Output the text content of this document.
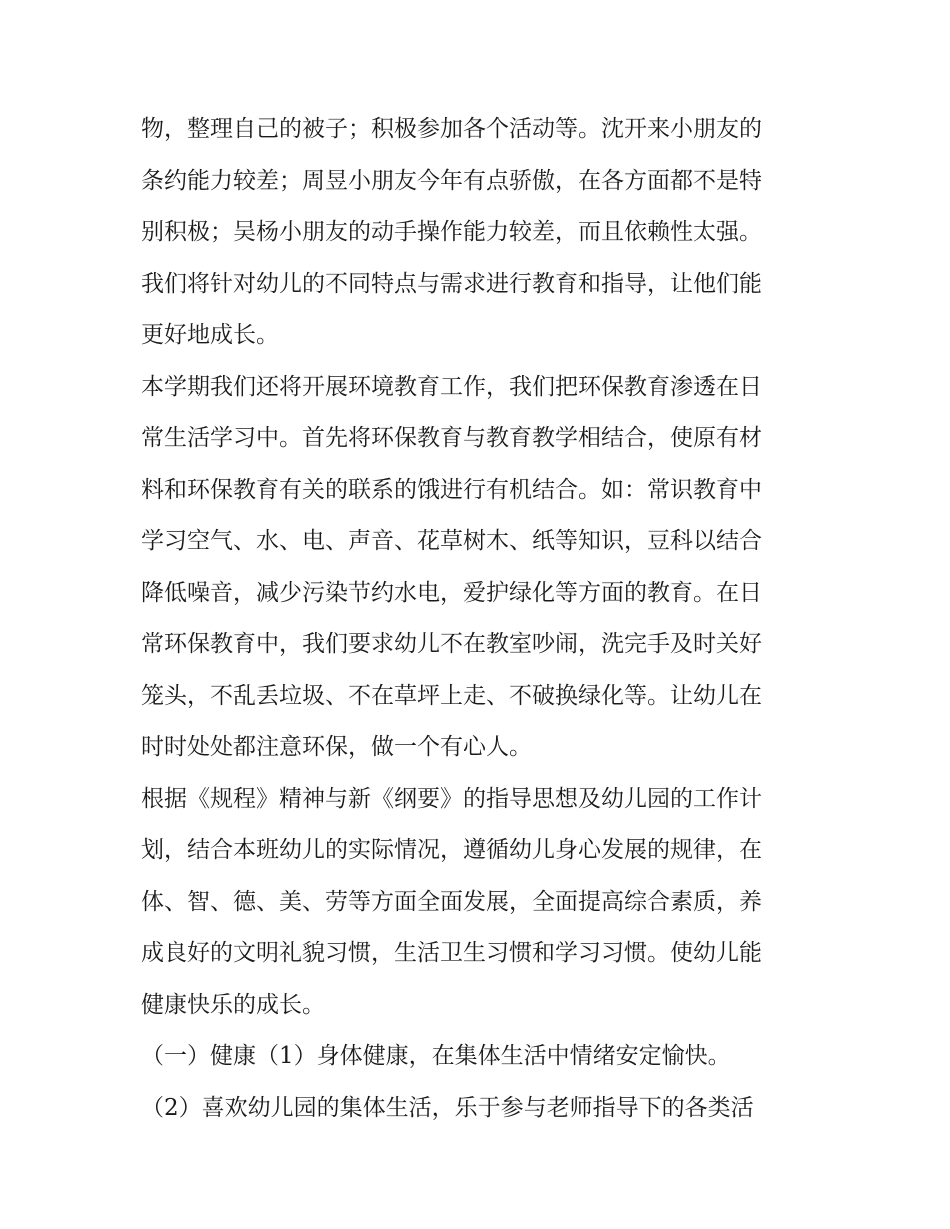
物，整理自己的被子；积极参加各个活动等。沈开来小朋友的
条约能力较差；周昱小朋友今年有点骄傲，在各方面都不是特
别积极；吴杨小朋友的动手操作能力较差，而且依赖性太强。
我们将针对幼儿的不同特点与需求进行教育和指导，让他们能
更好地成长。
本学期我们还将开展环境教育工作，我们把环保教育渗透在日
常生活学习中。首先将环保教育与教育教学相结合，使原有材
料和环保教育有关的联系的饿进行有机结合。如：常识教育中
学习空气、水、电、声音、花草树木、纸等知识，豆科以结合
降低噪音，减少污染节约水电，爱护绿化等方面的教育。在日
常环保教育中，我们要求幼儿不在教室吵闹，洗完手及时关好
笼头，不乱丢垃圾、不在草坪上走、不破换绿化等。让幼儿在
时时处处都注意环保，做一个有心人。
根据《规程》精神与新《纲要》的指导思想及幼儿园的工作计
划，结合本班幼儿的实际情况，遵循幼儿身心发展的规律，在
体、智、德、美、劳等方面全面发展，全面提高综合素质，养
成良好的文明礼貌习惯，生活卫生习惯和学习习惯。使幼儿能
健康快乐的成长。
（一）健康（1）身体健康，在集体生活中情绪安定愉快。
（2）喜欢幼儿园的集体生活，乐于参与老师指导下的各类活
